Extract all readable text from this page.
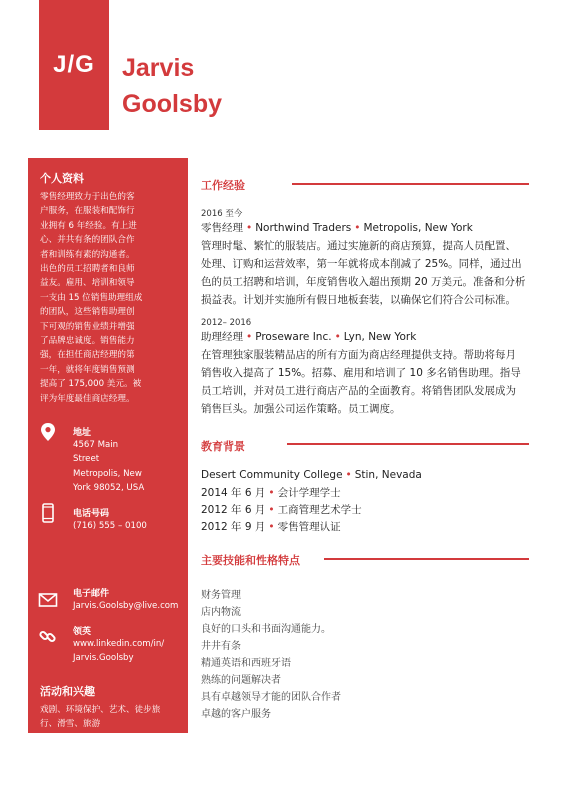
J/G Jarvis
Goolsby
个人资料
零售经理致力于出色的客
户服务，在服装和配饰行
业拥有 6 年经验。有上进
心、并共有条的团队合作
者和训练有素的沟通者。
出色的员工招聘者和良师
益友。雇用、培训和领导
一支由 15 位销售助理组成
的团队，这些销售助理创
下可观的销售业绩并增强
了品牌忠诚度。销售能力
强，在担任商店经理的第
一年，就将年度销售预测
提高了 175,000 美元。被
评为年度最佳商店经理。
地址
4567 Main
Street
Metropolis, New
York 98052, USA
电话号码
(716) 555 – 0100
电子邮件
Jarvis.Goolsby@live.com
领英
www.linkedin.com/in/
Jarvis.Goolsby
活动和兴趣
戏剧、环境保护、艺术、徒步旅
行、滑雪、旅游
工作经验
2016 至今
零售经理 • Northwind Traders • Metropolis, New York
管理时髦、繁忙的服装店。通过实施新的商店预算，提高人员配置、
处理、订购和运营效率，第一年就将成本削减了 25%。同样，通过出
色的员工招聘和培训，年度销售收入超出预期 20 万美元。准备和分析
损益表。计划并实施所有假日地板套装，以确保它们符合公司标准。
2012– 2016
助理经理 • Proseware Inc. • Lyn, New York
在管理独家服装精品店的所有方面为商店经理提供支持。帮助将每月
销售收入提高了 15%。招募、雇用和培训了 10 多名销售助理。指导
员工培训，并对员工进行商店产品的全面教育。将销售团队发展成为
销售巨头。加强公司运作策略。员工调度。
教育背景
Desert Community College • Stin, Nevada
2014 年 6 月 • 会计学理学士
2012 年 6 月 • 工商管理艺术学士
2012 年 9 月 • 零售管理认证
主要技能和性格特点
财务管理
店内物流
良好的口头和书面沟通能力。
井井有条
精通英语和西班牙语
熟练的问题解决者
具有卓越领导才能的团队合作者
卓越的客户服务
